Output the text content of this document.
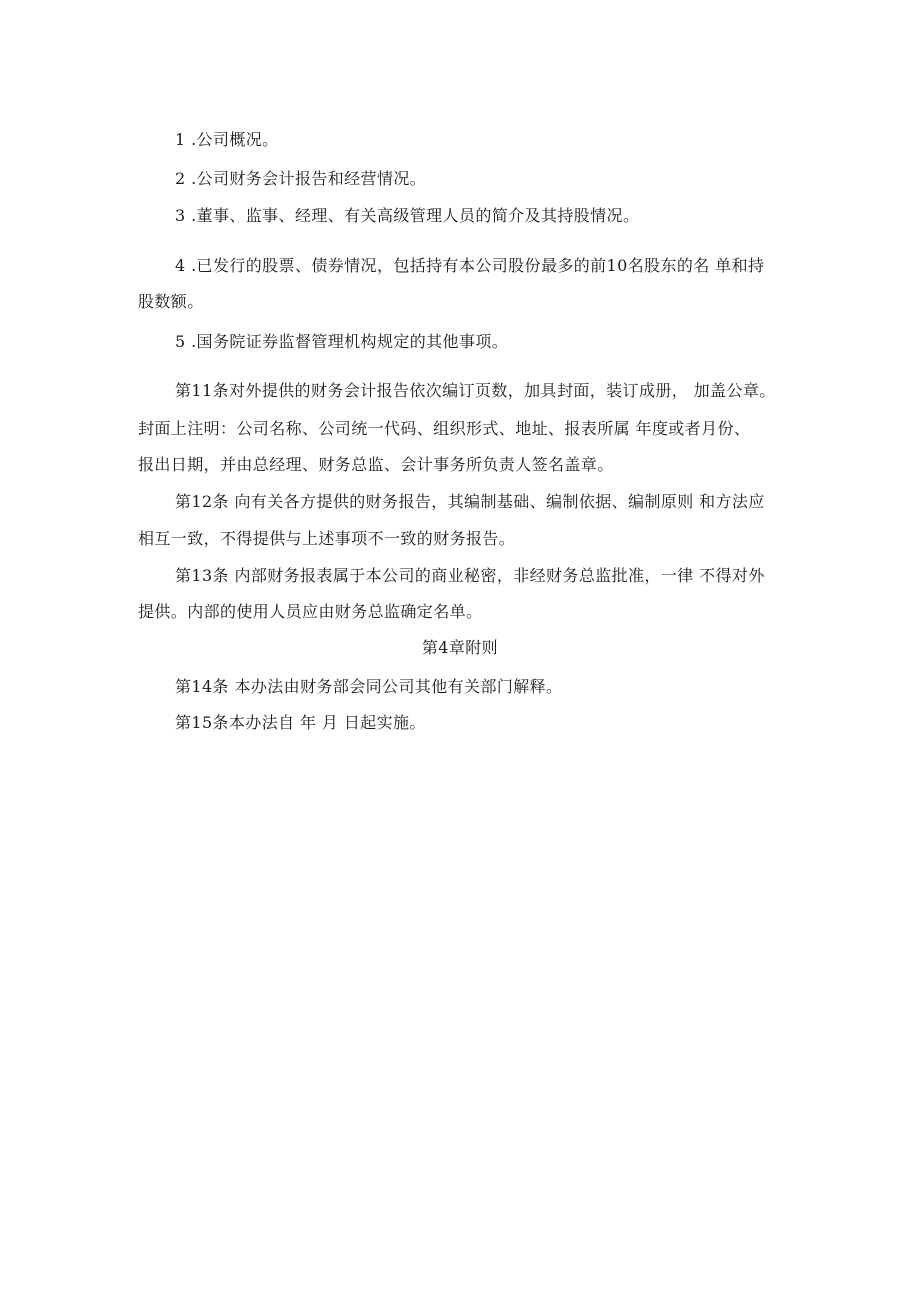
1 .公司概况。
2 .公司财务会计报告和经营情况。
3 .董事、监事、经理、有关高级管理人员的简介及其持股情况。
4 .已发行的股票、债券情况，包括持有本公司股份最多的前10名股东的名 单和持
股数额。
5 .国务院证券监督管理机构规定的其他事项。
第11条对外提供的财务会计报告依次编订页数，加具封面，装订成册， 加盖公章。
封面上注明：公司名称、公司统一代码、组织形式、地址、报表所属 年度或者月份、
报出日期，并由总经理、财务总监、会计事务所负责人签名盖章。
第12条 向有关各方提供的财务报告，其编制基础、编制依据、编制原则 和方法应
相互一致，不得提供与上述事项不一致的财务报告。
第13条 内部财务报表属于本公司的商业秘密，非经财务总监批准，一律 不得对外
提供。内部的使用人员应由财务总监确定名单。
第4章附则
第14条 本办法由财务部会同公司其他有关部门解释。
第15条本办法自 年 月 日起实施。
